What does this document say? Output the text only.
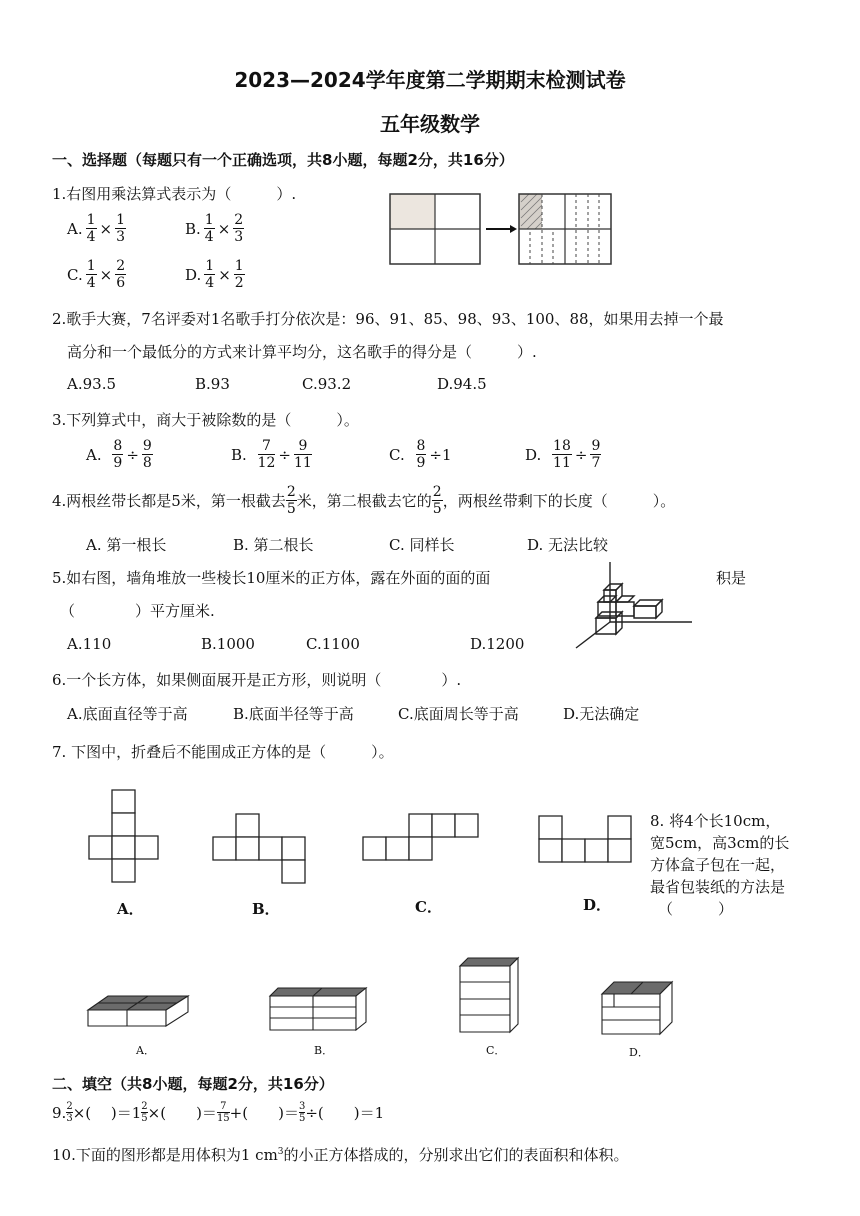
2023—2024学年度第二学期期末检测试卷
五年级数学
一、选择题（每题只有一个正确选项，共8小题，每题2分，共16分）
1.右图用乘法算式表示为（　　　）.
A. $\frac{1}{4} \times \frac{1}{3}$	B. $\frac{1}{4} \times \frac{2}{3}$
C. $\frac{1}{4} \times \frac{2}{6}$	D. $\frac{1}{4} \times \frac{1}{2}$
2.歌手大赛，7名评委对1名歌手打分依次是：96、91、85、98、93、100、88，如果用去掉一个最
高分和一个最低分的方式来计算平均分，这名歌手的得分是（　　　）.
A.93.5	B.93	C.93.2	D.94.5
3.下列算式中，商大于被除数的是（　　　）。
A.
$\frac{8}{9} \div \frac{9}{8}$	B.
$\frac{7}{12} \div \frac{9}{11}$	C.
$\frac{8}{9} \div 1$	D.
$\frac{18}{11} \div \frac{9}{7}$
4.两根丝带长都是5米，第一根截去 $\frac{2}{5}$ 米，第二根截去它的 $\frac{2}{5}$ ，两根丝带剩下的长度（　　　）。
A. 第一根长	B. 第二根长	C. 同样长	D. 无法比较
5.如右图，墙角堆放一些棱长10厘米的正方体，露在外面的面的面	积是
（　　　　）平方厘米.
A.110	B.1000	C.1100	D.1200
6.一个长方体，如果侧面展开是正方形，则说明（　　　　）.
A.底面直径等于高	B.底面半径等于高	C.底面周长等于高	D.无法确定
7. 下图中，折叠后不能围成正方体的是（　　　）。
A．	B．	C．	D．
8. 将4个长10cm，
宽5cm，高3cm的长
方体盒子包在一起，
最省包装纸的方法是
（　　　）
A．	B．	C．	D．
二、填空（共8小题，每题2分，共16分）
9. $\frac{2}{3}$ ×(　 )$=1 \frac{2}{5}$ ×(　　)＝ 7
15 +(　　)＝ $\frac{3}{5}$ ÷(　　)＝1
10.下面的图形都是用体积为1 $cm^3$的小正方体搭成的，分别求出它们的表面积和体积。
